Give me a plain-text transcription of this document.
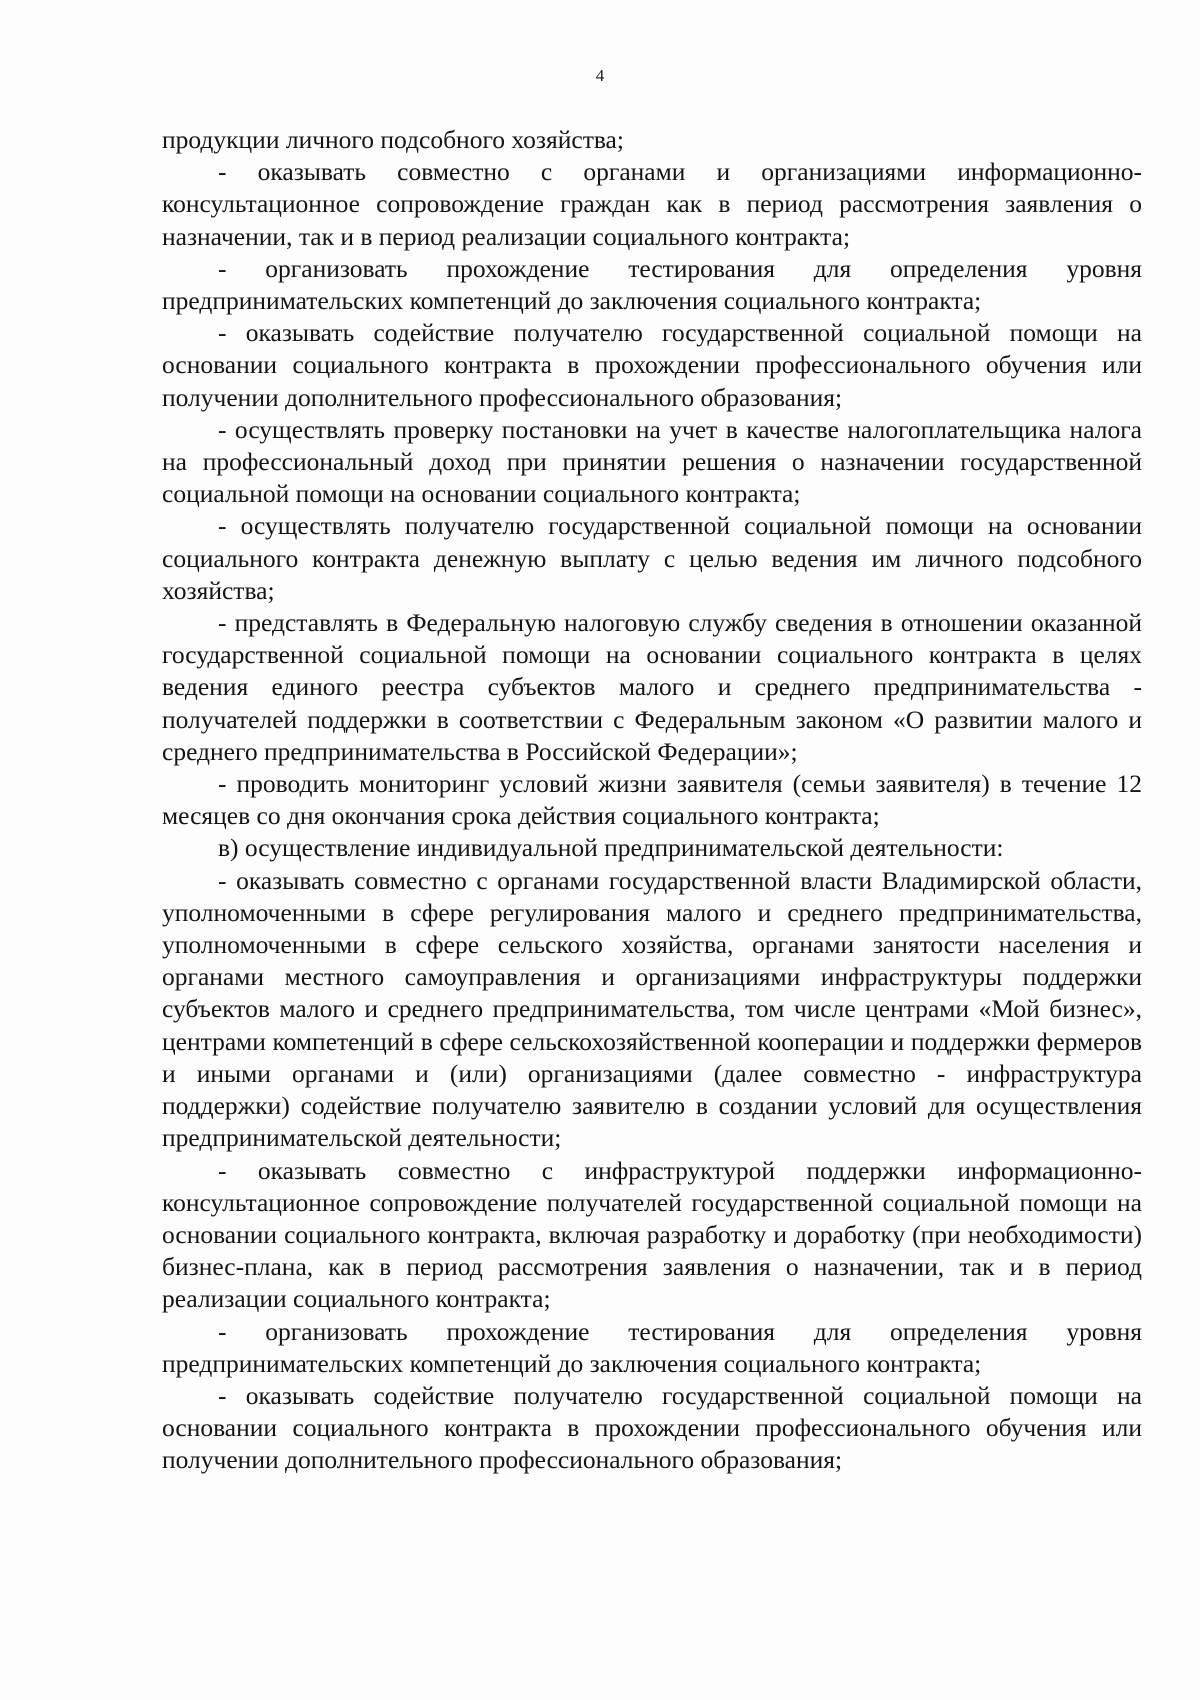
4

продукции личного подсобного хозяйства;

- оказывать совместно с органами и организациями информационно-консультационное сопровождение граждан как в период рассмотрения заявления о назначении, так и в период реализации социального контракта;

- организовать прохождение тестирования для определения уровня предпринимательских компетенций до заключения социального контракта;

- оказывать содействие получателю государственной социальной помощи на основании социального контракта в прохождении профессионального обучения или получении дополнительного профессионального образования;

- осуществлять проверку постановки на учет в качестве налогоплательщика налога на профессиональный доход при принятии решения о назначении государственной социальной помощи на основании социального контракта;

- осуществлять получателю государственной социальной помощи на основании социального контракта денежную выплату с целью ведения им личного подсобного хозяйства;

- представлять в Федеральную налоговую службу сведения в отношении оказанной государственной социальной помощи на основании социального контракта в целях ведения единого реестра субъектов малого и среднего предпринимательства - получателей поддержки в соответствии с Федеральным законом «О развитии малого и среднего предпринимательства в Российской Федерации»;

- проводить мониторинг условий жизни заявителя (семьи заявителя) в течение 12 месяцев со дня окончания срока действия социального контракта;

в) осуществление индивидуальной предпринимательской деятельности:

- оказывать совместно с органами государственной власти Владимирской области, уполномоченными в сфере регулирования малого и среднего предпринимательства, уполномоченными в сфере сельского хозяйства, органами занятости населения и органами местного самоуправления и организациями инфраструктуры поддержки субъектов малого и среднего предпринимательства, том числе центрами «Мой бизнес», центрами компетенций в сфере сельскохозяйственной кооперации и поддержки фермеров и иными органами и (или) организациями (далее совместно - инфраструктура поддержки) содействие получателю заявителю в создании условий для осуществления предпринимательской деятельности;

- оказывать совместно с инфраструктурой поддержки информационно-консультационное сопровождение получателей государственной социальной помощи на основании социального контракта, включая разработку и доработку (при необходимости) бизнес-плана, как в период рассмотрения заявления о назначении, так и в период реализации социального контракта;

- организовать прохождение тестирования для определения уровня предпринимательских компетенций до заключения социального контракта;

- оказывать содействие получателю государственной социальной помощи на основании социального контракта в прохождении профессионального обучения или получении дополнительного профессионального образования;
